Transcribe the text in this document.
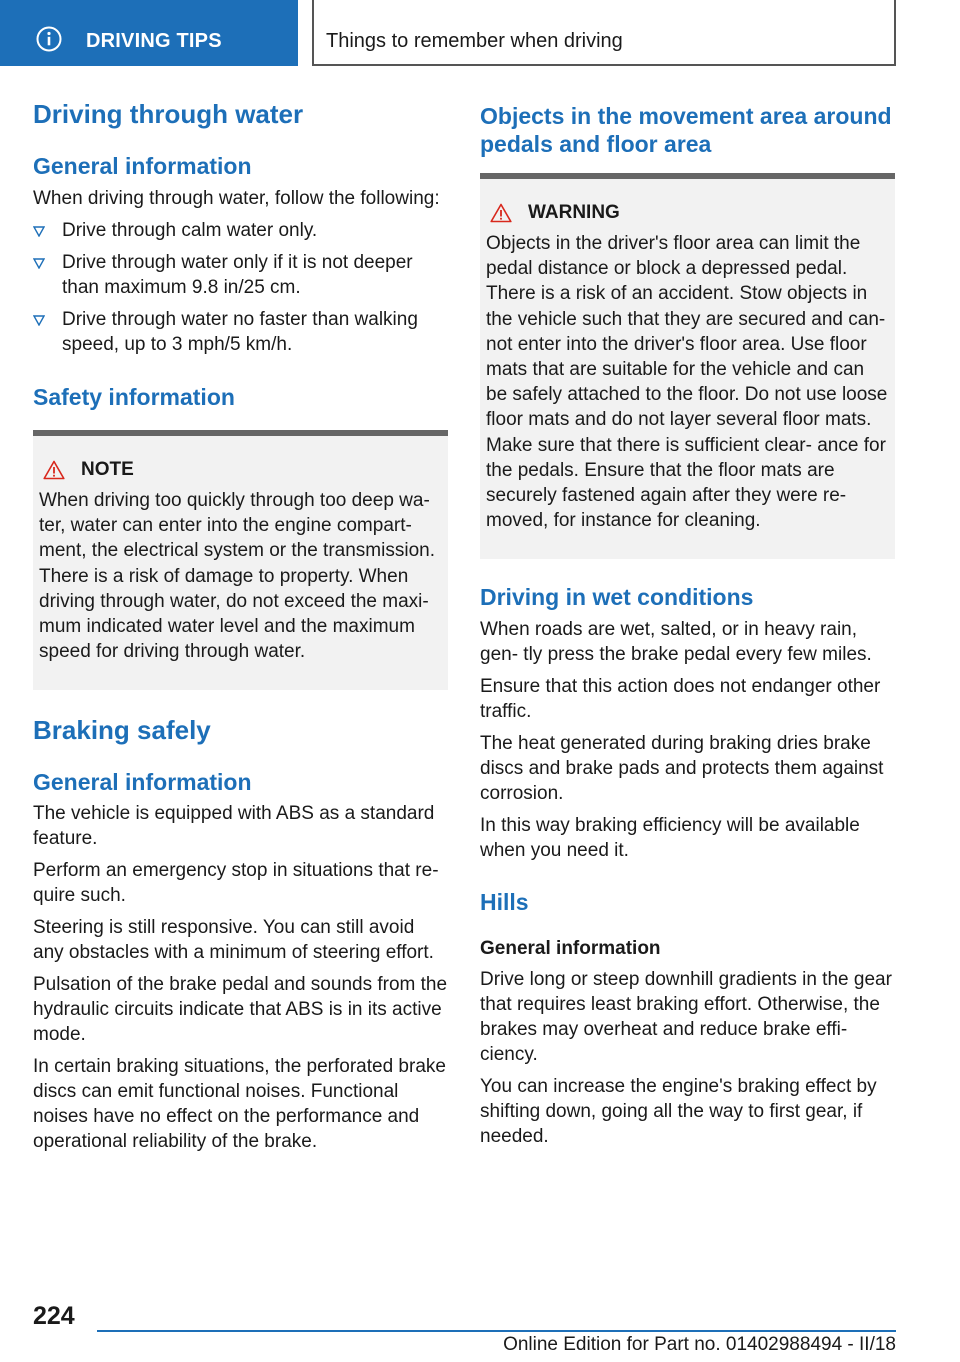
DRIVING TIPS	Things to remember when driving
Driving through water
General information

When driving through water, follow the following:

Drive through calm water only.
Drive through water only if it is not deeper than maximum 9.8 in/25 cm.
Drive through water no faster than walking speed, up to 3 mph/5 km/h.
Safety information
NOTE

When driving too quickly through too deep wa‐ ter, water can enter into the engine compart‐ ment, the electrical system or the transmission. There is a risk of damage to property. When driving through water, do not exceed the maxi‐ mum indicated water level and the maximum speed for driving through water.

Braking safely
General information

The vehicle is equipped with ABS as a standard feature.

Perform an emergency stop in situations that re‐ quire such.

Steering is still responsive. You can still avoid any obstacles with a minimum of steering effort.

Pulsation of the brake pedal and sounds from the hydraulic circuits indicate that ABS is in its active mode.

In certain braking situations, the perforated brake discs can emit functional noises. Functional noises have no effect on the performance and operational reliability of the brake.

Objects in the movement area around pedals and floor area
WARNING

Objects in the driver's floor area can limit the pedal distance or block a depressed pedal. There is a risk of an accident. Stow objects in the vehicle such that they are secured and can‐ not enter into the driver's floor area. Use floor mats that are suitable for the vehicle and can be safely attached to the floor. Do not use loose floor mats and do not layer several floor mats. Make sure that there is sufficient clear‐ ance for the pedals. Ensure that the floor mats are securely fastened again after they were re‐ moved, for instance for cleaning.

Driving in wet conditions

When roads are wet, salted, or in heavy rain, gen‐ tly press the brake pedal every few miles.

Ensure that this action does not endanger other traffic.

The heat generated during braking dries brake discs and brake pads and protects them against corrosion.

In this way braking efficiency will be available when you need it.

Hills
General information

Drive long or steep downhill gradients in the gear that requires least braking effort. Otherwise, the brakes may overheat and reduce brake effi‐ ciency.

You can increase the engine's braking effect by shifting down, going all the way to first gear, if needed.

224
Online Edition for Part no. 01402988494 - II/18
